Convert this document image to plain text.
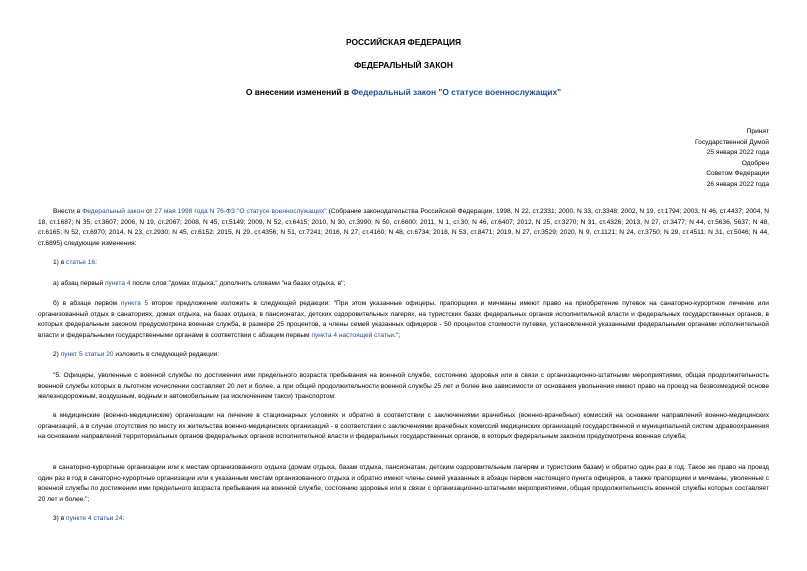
РОССИЙСКАЯ ФЕДЕРАЦИЯ
ФЕДЕРАЛЬНЫЙ ЗАКОН
О внесении изменений в Федеральный закон "О статусе военнослужащих"
Принят
Государственной Думой
25 января 2022 года
Одобрен
Советом Федерации
26 января 2022 года
Внести в Федеральный закон от 27 мая 1998 года N 76-ФЗ "О статусе военнослужащих" (Собрание законодательства Российской Федерации, 1998, N 22, ст.2331; 2000, N 33, ст.3348; 2002, N 19, ст.1794; 2003, N 46, ст.4437; 2004, N 18, ст.1687; N 35, ст.3607; 2006, N 19, ст.2067; 2008, N 45, ст.5149; 2009, N 52, ст.6415; 2010, N 30, ст.3990; N 50, ст.6600; 2011, N 1, ст.30; N 46, ст.6407; 2012, N 25, ст.3270; N 31, ст.4326; 2013, N 27, ст.3477; N 44, ст.5636, 5637; N 48, ст.6165; N 52, ст.6970; 2014, N 23, ст.2930; N 45, ст.6152; 2015, N 29, ст.4356; N 51, ст.7241; 2016, N 27, ст.4160; N 48, ст.6734; 2018, N 53, ст.8471; 2019, N 27, ст.3529; 2020, N 9, ст.1121; N 24, ст.3750; N 29, ст.4511; N 31, ст.5046; N 44, ст.6895) следующие изменения:
1) в статье 16:
а) абзац первый пункта 4 после слов "домах отдыха," дополнить словами "на базах отдыха, в";
б) в абзаце первом пункта 5 второе предложение изложить в следующей редакции: "При этом указанные офицеры, прапорщики и мичманы имеют право на приобретение путевок на санаторно-курортное лечение или организованный отдых в санаториях, домах отдыха, на базах отдыха, в пансионатах, детских оздоровительных лагерях, на туристских базах федеральных органов исполнительной власти и федеральных государственных органов, в которых федеральным законом предусмотрена военная служба, в размере 25 процентов, а члены семей указанных офицеров - 50 процентов стоимости путевки, установленной указанными федеральными органами исполнительной власти и федеральными государственными органами в соответствии с абзацем первым пункта 4 настоящей статьи.";
2) пункт 5 статьи 20 изложить в следующей редакции:
"5. Офицеры, уволенные с военной службы по достижении ими предельного возраста пребывания на военной службе, состоянию здоровья или в связи с организационно-штатными мероприятиями, общая продолжительность военной службы которых в льготном исчислении составляет 20 лет и более, а при общей продолжительности военной службы 25 лет и более вне зависимости от основания увольнения имеют право на проезд на безвозмездной основе железнодорожным, воздушным, водным и автомобильным (за исключением такси) транспортом:
в медицинские (военно-медицинские) организации на лечение в стационарных условиях и обратно в соответствии с заключениями врачебных (военно-врачебных) комиссий на основании направлений военно-медицинских организаций, а в случае отсутствия по месту их жительства военно-медицинских организаций - в соответствии с заключениями врачебных комиссий медицинских организаций государственной и муниципальной систем здравоохранения на основании направлений территориальных органов федеральных органов исполнительной власти и федеральных государственных органов, в которых федеральным законом предусмотрена военная служба;
в санаторно-курортные организации или к местам организованного отдыха (домам отдыха, базам отдыха, пансионатам, детским оздоровительным лагерям и туристским базам) и обратно один раз в год. Такое же право на проезд один раз в год в санаторно-курортные организации или к указанным местам организованного отдыха и обратно имеют члены семей указанных в абзаце первом настоящего пункта офицеров, а также прапорщики и мичманы, уволенные с военной службы по достижении ими предельного возраста пребывания на военной службе, состоянию здоровья или в связи с организационно-штатными мероприятиями, общая продолжительность военной службы которых составляет 20 лет и более.";
3) в пункте 4 статьи 24:
